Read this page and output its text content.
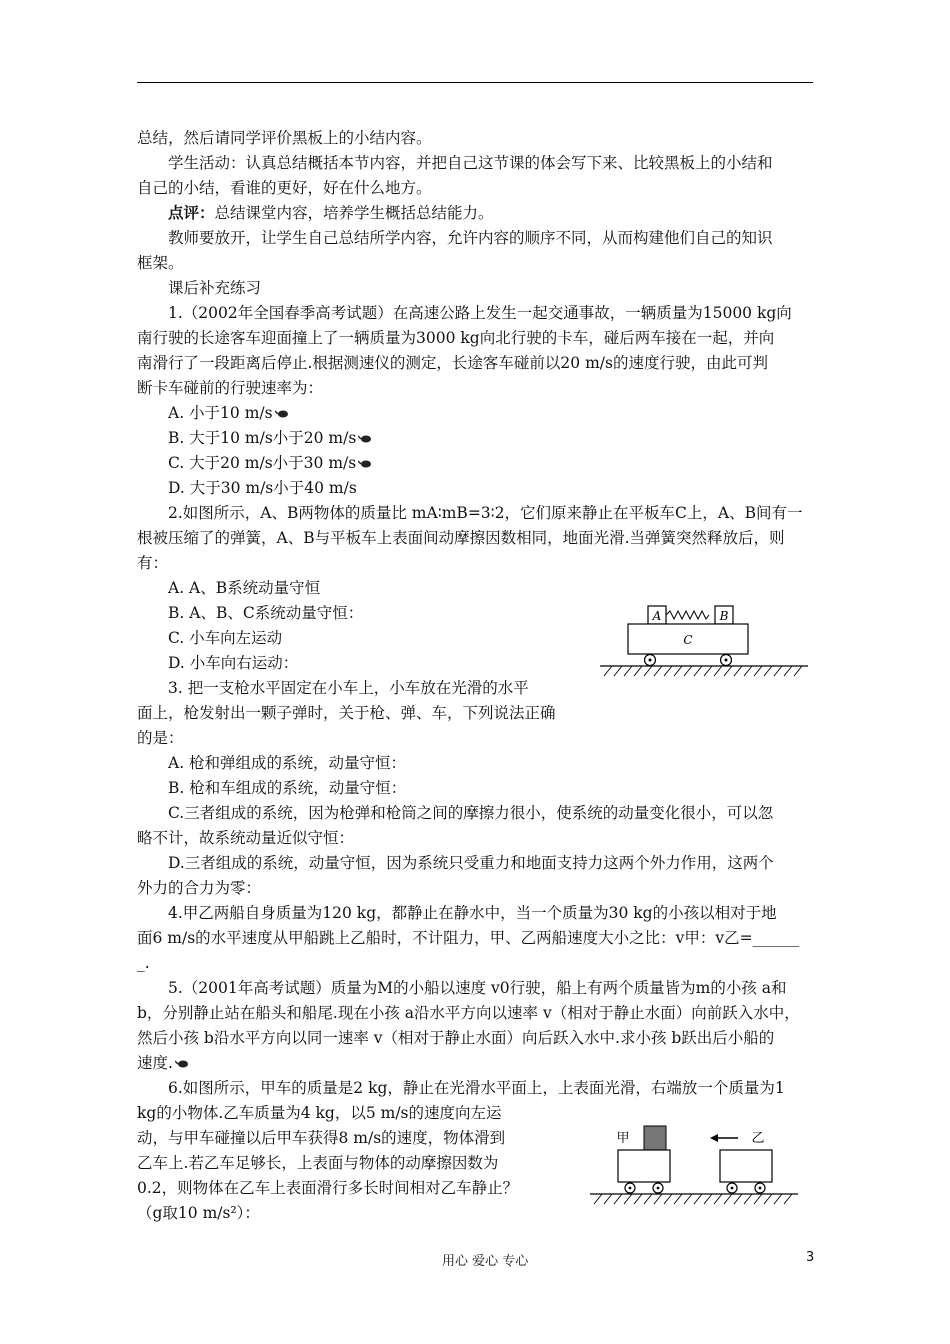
总结，然后请同学评价黑板上的小结内容。
学生活动：认真总结概括本节内容，并把自己这节课的体会写下来、比较黑板上的小结和
自己的小结，看谁的更好，好在什么地方。
点评：总结课堂内容，培养学生概括总结能力。
教师要放开，让学生自己总结所学内容，允许内容的顺序不同，从而构建他们自己的知识
框架。
课后补充练习
1.（2002年全国春季高考试题）在高速公路上发生一起交通事故，一辆质量为15000 kg向
南行驶的长途客车迎面撞上了一辆质量为3000 kg向北行驶的卡车，碰后两车接在一起，并向
南滑行了一段距离后停止.根据测速仪的测定，长途客车碰前以20 m/s的速度行驶，由此可判
断卡车碰前的行驶速率为：
A. 小于10 m/s
B. 大于10 m/s小于20 m/s
C. 大于20 m/s小于30 m/s
D. 大于30 m/s小于40 m/s
2.如图所示，A、B两物体的质量比 mA∶mB=3∶2，它们原来静止在平板车C上，A、B间有一
根被压缩了的弹簧，A、B与平板车上表面间动摩擦因数相同，地面光滑.当弹簧突然释放后，则
有：
A. A、B系统动量守恒
B. A、B、C系统动量守恒：
C. 小车向左运动
D. 小车向右运动：
A	B
C
3. 把一支枪水平固定在小车上，小车放在光滑的水平
面上，枪发射出一颗子弹时，关于枪、弹、车，下列说法正确
的是：
A. 枪和弹组成的系统，动量守恒：
B. 枪和车组成的系统，动量守恒：
C.三者组成的系统，因为枪弹和枪筒之间的摩擦力很小，使系统的动量变化很小，可以忽
略不计，故系统动量近似守恒：
D.三者组成的系统，动量守恒，因为系统只受重力和地面支持力这两个外力作用，这两个
外力的合力为零：
4.甲乙两船自身质量为120 kg，都静止在静水中，当一个质量为30 kg的小孩以相对于地
面6 m/s的水平速度从甲船跳上乙船时，不计阻力，甲、乙两船速度大小之比：v甲：v乙=______
_.
5.（2001年高考试题）质量为M的小船以速度 v0行驶，船上有两个质量皆为m的小孩 a和
b，分别静止站在船头和船尾.现在小孩 a沿水平方向以速率 v（相对于静止水面）向前跃入水中，
然后小孩 b沿水平方向以同一速率 v（相对于静止水面）向后跃入水中.求小孩 b跃出后小船的
速度.
6.如图所示，甲车的质量是2 kg，静止在光滑水平面上，上表面光滑，右端放一个质量为1
kg的小物体.乙车质量为4 kg，以5 m/s的速度向左运
动，与甲车碰撞以后甲车获得8 m/s的速度，物体滑到
乙车上.若乙车足够长，上表面与物体的动摩擦因数为
0.2，则物体在乙车上表面滑行多长时间相对乙车静止？
（g取10 m/s²）：
甲	乙
用心 爱心 专心	3
